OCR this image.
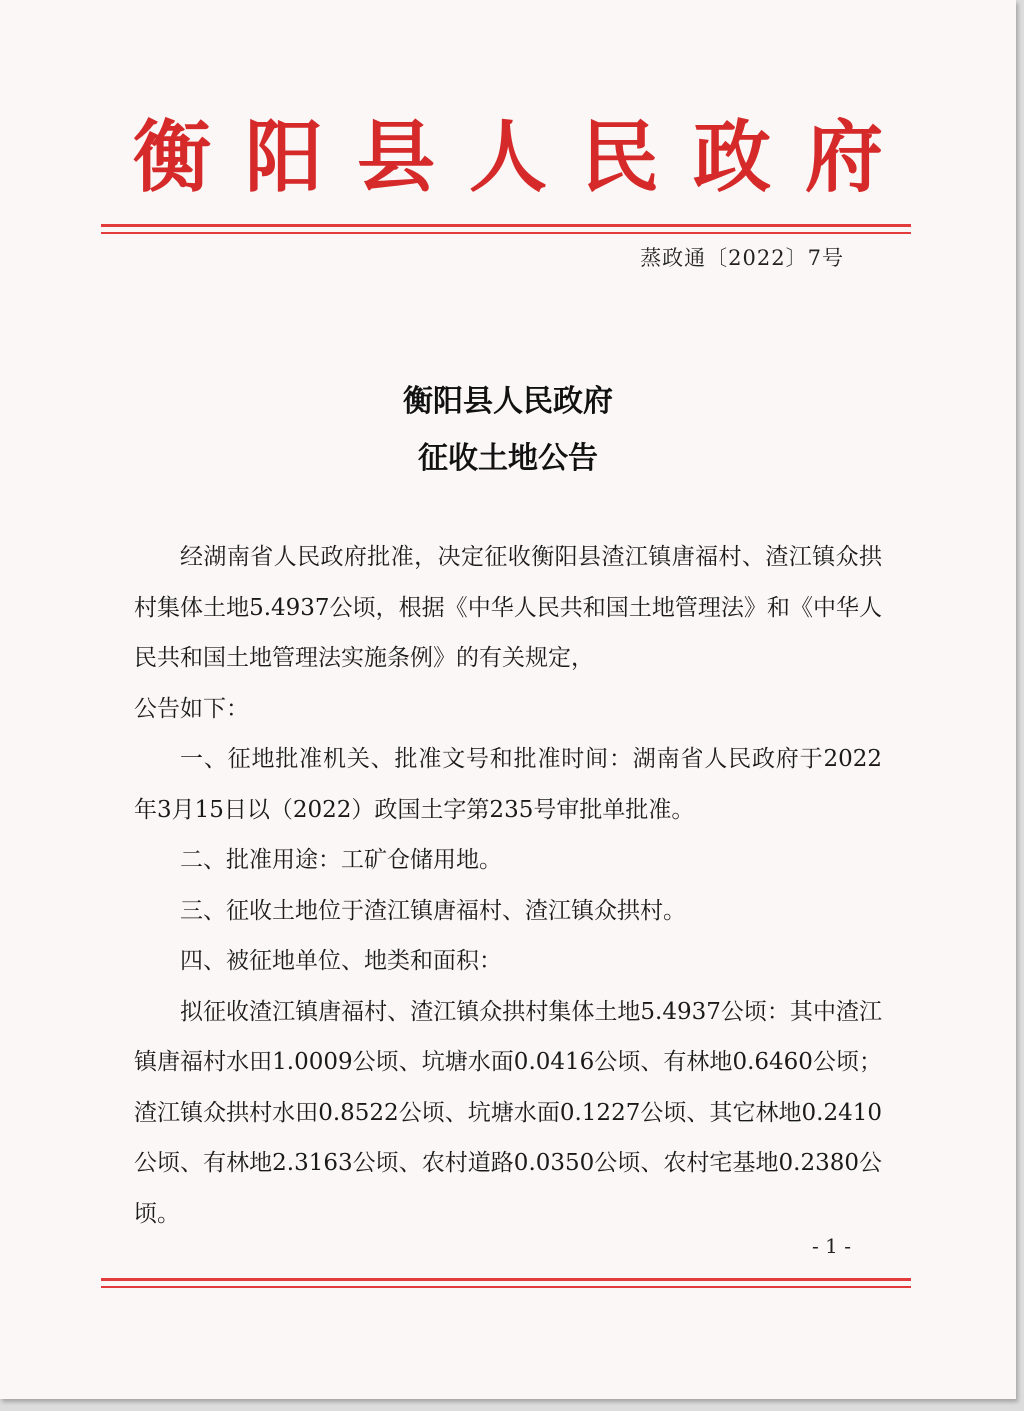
衡阳县人民政府
蒸政通〔2022〕7号
衡阳县人民政府
征收土地公告

经湖南省人民政府批准，决定征收衡阳县渣江镇唐福村、渣江镇众拱村集体土地5.4937公顷，根据《中华人民共和国土地管理法》和《中华人民共和国土地管理法实施条例》的有关规定，

公告如下：

一、征地批准机关、批准文号和批准时间：湖南省人民政府于2022年3月15日以（2022）政国土字第235号审批单批准。

二、批准用途：工矿仓储用地。

三、征收土地位于渣江镇唐福村、渣江镇众拱村。

四、被征地单位、地类和面积：

拟征收渣江镇唐福村、渣江镇众拱村集体土地5.4937公顷：其中渣江镇唐福村水田1.0009公顷、坑塘水面0.0416公顷、有林地0.6460公顷；渣江镇众拱村水田0.8522公顷、坑塘水面0.1227公顷、其它林地0.2410公顷、有林地2.3163公顷、农村道路0.0350公顷、农村宅基地0.2380公顷。

- 1 -
